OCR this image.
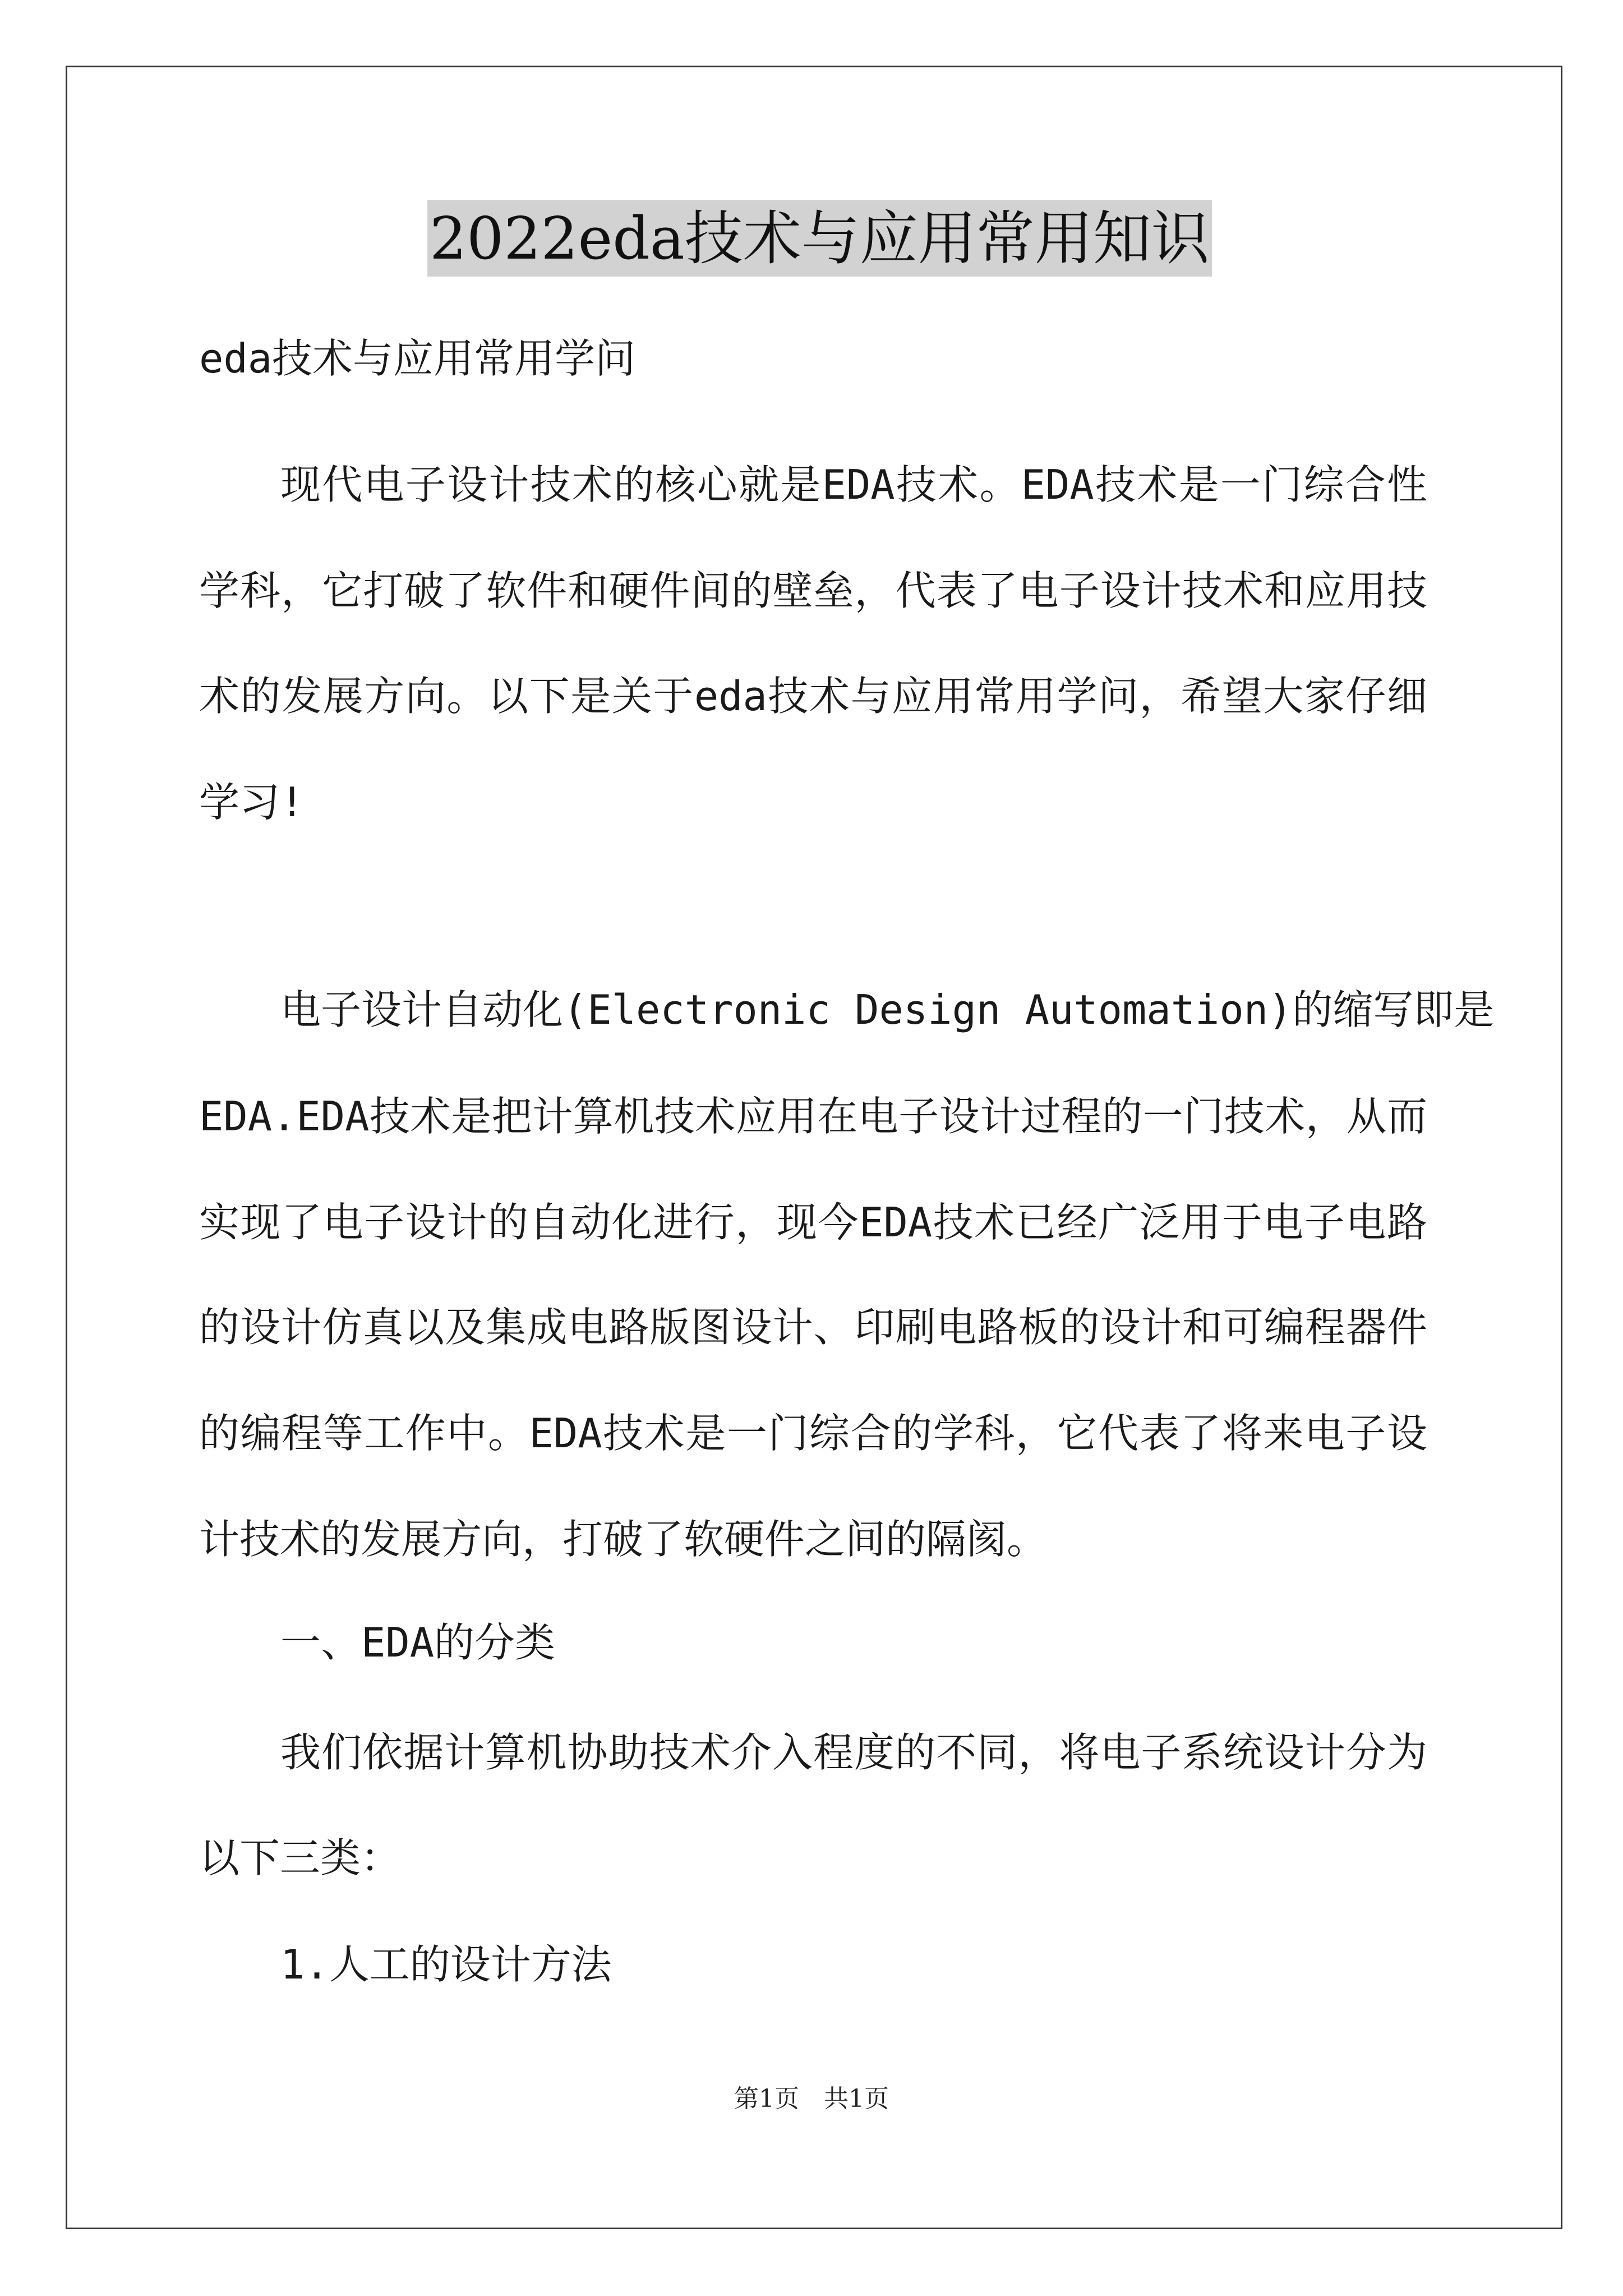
2022eda技术与应用常用知识
eda技术与应用常用学问
现代电子设计技术的核心就是EDA技术。EDA技术是一门综合性
学科，它打破了软件和硬件间的壁垒，代表了电子设计技术和应用技
术的发展方向。以下是关于eda技术与应用常用学问，希望大家仔细
学习!
电子设计自动化(Electronic Design Automation)的缩写即是
EDA.EDA技术是把计算机技术应用在电子设计过程的一门技术，从而
实现了电子设计的自动化进行，现今EDA技术已经广泛用于电子电路
的设计仿真以及集成电路版图设计、印刷电路板的设计和可编程器件
的编程等工作中。EDA技术是一门综合的学科，它代表了将来电子设
计技术的发展方向，打破了软硬件之间的隔阂。
一、EDA的分类
我们依据计算机协助技术介入程度的不同，将电子系统设计分为
以下三类：
1.人工的设计方法
第1页　共1页
